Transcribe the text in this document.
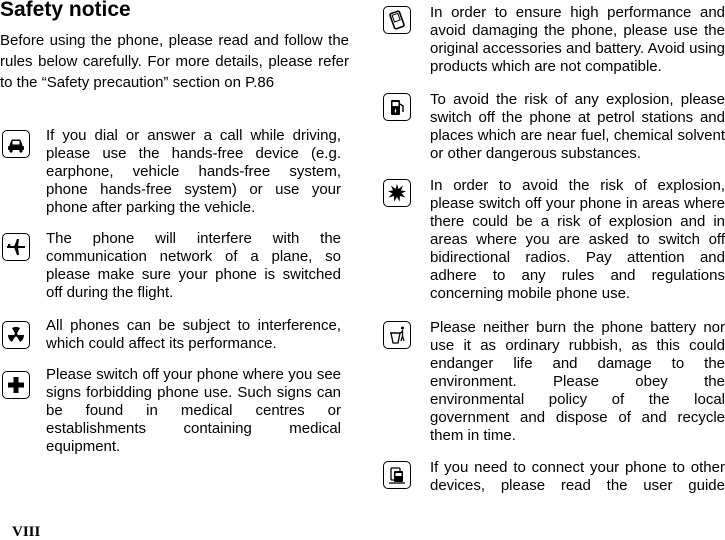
Safety notice

Before using the phone, please read and follow the rules below carefully. For more details, please refer to the “Safety precaution” section on P.86

If you dial or answer a call while driving, please use the hands-free device (e.g. earphone, vehicle hands-free system, phone hands-free system) or use your phone after parking the vehicle.

The phone will interfere with the communication network of a plane, so please make sure your phone is switched off during the flight.

All phones can be subject to interference, which could affect its performance.

Please switch off your phone where you see signs forbidding phone use. Such signs can be found in medical centres or establishments containing medical equipment.

VIII

In order to ensure high performance and avoid damaging the phone, please use the original accessories and battery. Avoid using products which are not compatible.

To avoid the risk of any explosion, please switch off the phone at petrol stations and places which are near fuel, chemical solvent or other dangerous substances.

In order to avoid the risk of explosion, please switch off your phone in areas where there could be a risk of explosion and in areas where you are asked to switch off bidirectional radios. Pay attention and adhere to any rules and regulations concerning mobile phone use.

Please neither burn the phone battery nor use it as ordinary rubbish, as this could endanger life and damage to the environment. Please obey the environmental policy of the local government and dispose of and recycle them in time.

If you need to connect your phone to other devices, please read the user guide
